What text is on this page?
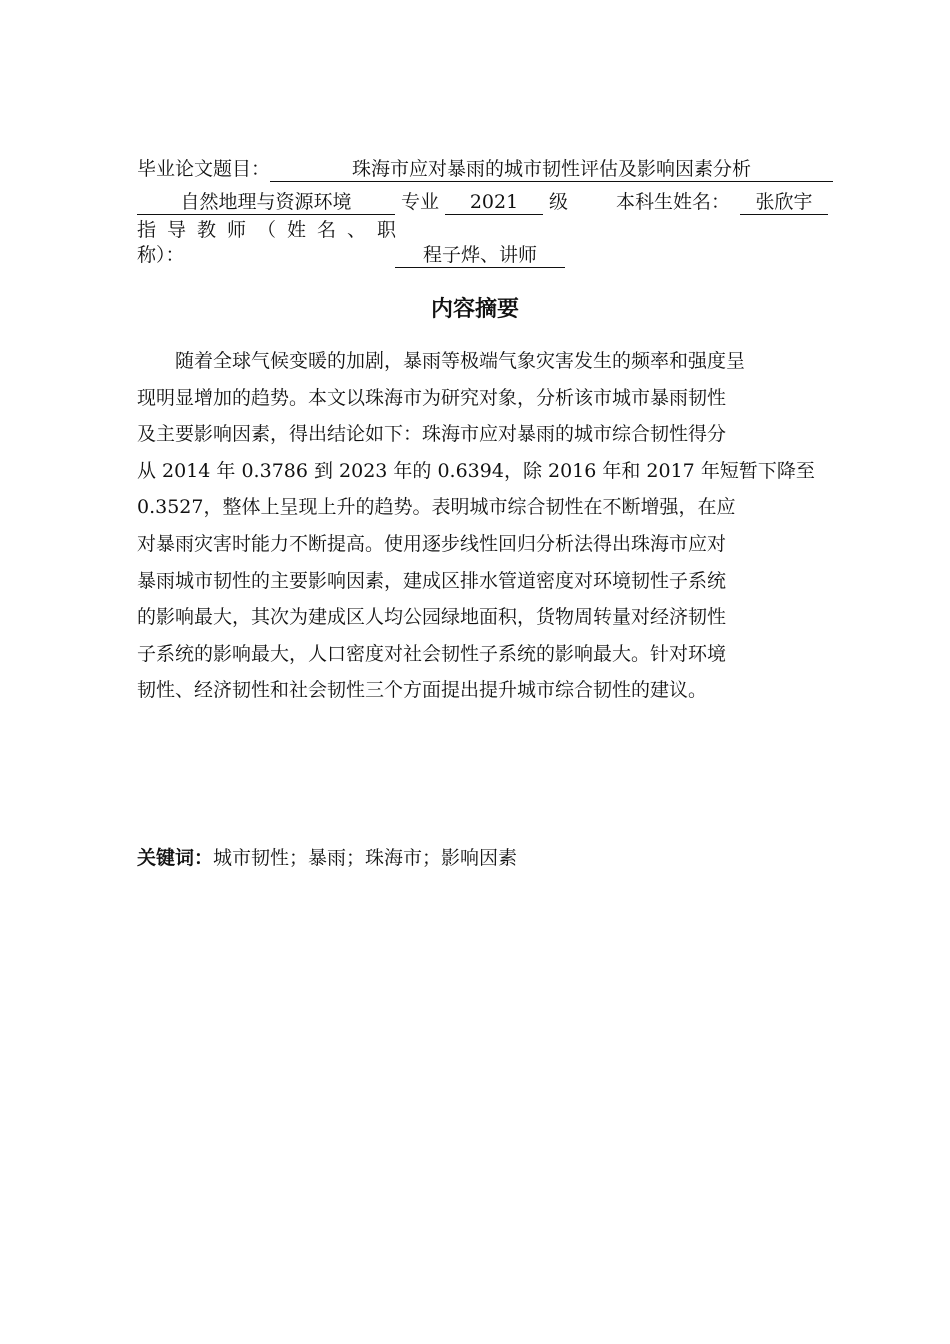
毕业论文题目：	珠海市应对暴雨的城市韧性评估及影响因素分析
自然地理与资源环境	专业 2021 级	本科生姓名： 张欣宇
指导教师（姓名、职
称）：	程子烨、讲师
内容摘要

　　随着全球气候变暖的加剧，暴雨等极端气象灾害发生的频率和强度呈
现明显增加的趋势。本文以珠海市为研究对象，分析该市城市暴雨韧性
及主要影响因素，得出结论如下：珠海市应对暴雨的城市综合韧性得分
从 2014 年 0.3786 到 2023 年的 0.6394，除 2016 年和 2017 年短暂下降至
0.3527，整体上呈现上升的趋势。表明城市综合韧性在不断增强，在应
对暴雨灾害时能力不断提高。使用逐步线性回归分析法得出珠海市应对
暴雨城市韧性的主要影响因素，建成区排水管道密度对环境韧性子系统
的影响最大，其次为建成区人均公园绿地面积，货物周转量对经济韧性
子系统的影响最大，人口密度对社会韧性子系统的影响最大。针对环境
韧性、经济韧性和社会韧性三个方面提出提升城市综合韧性的建议。

关键词：城市韧性；暴雨；珠海市；影响因素
